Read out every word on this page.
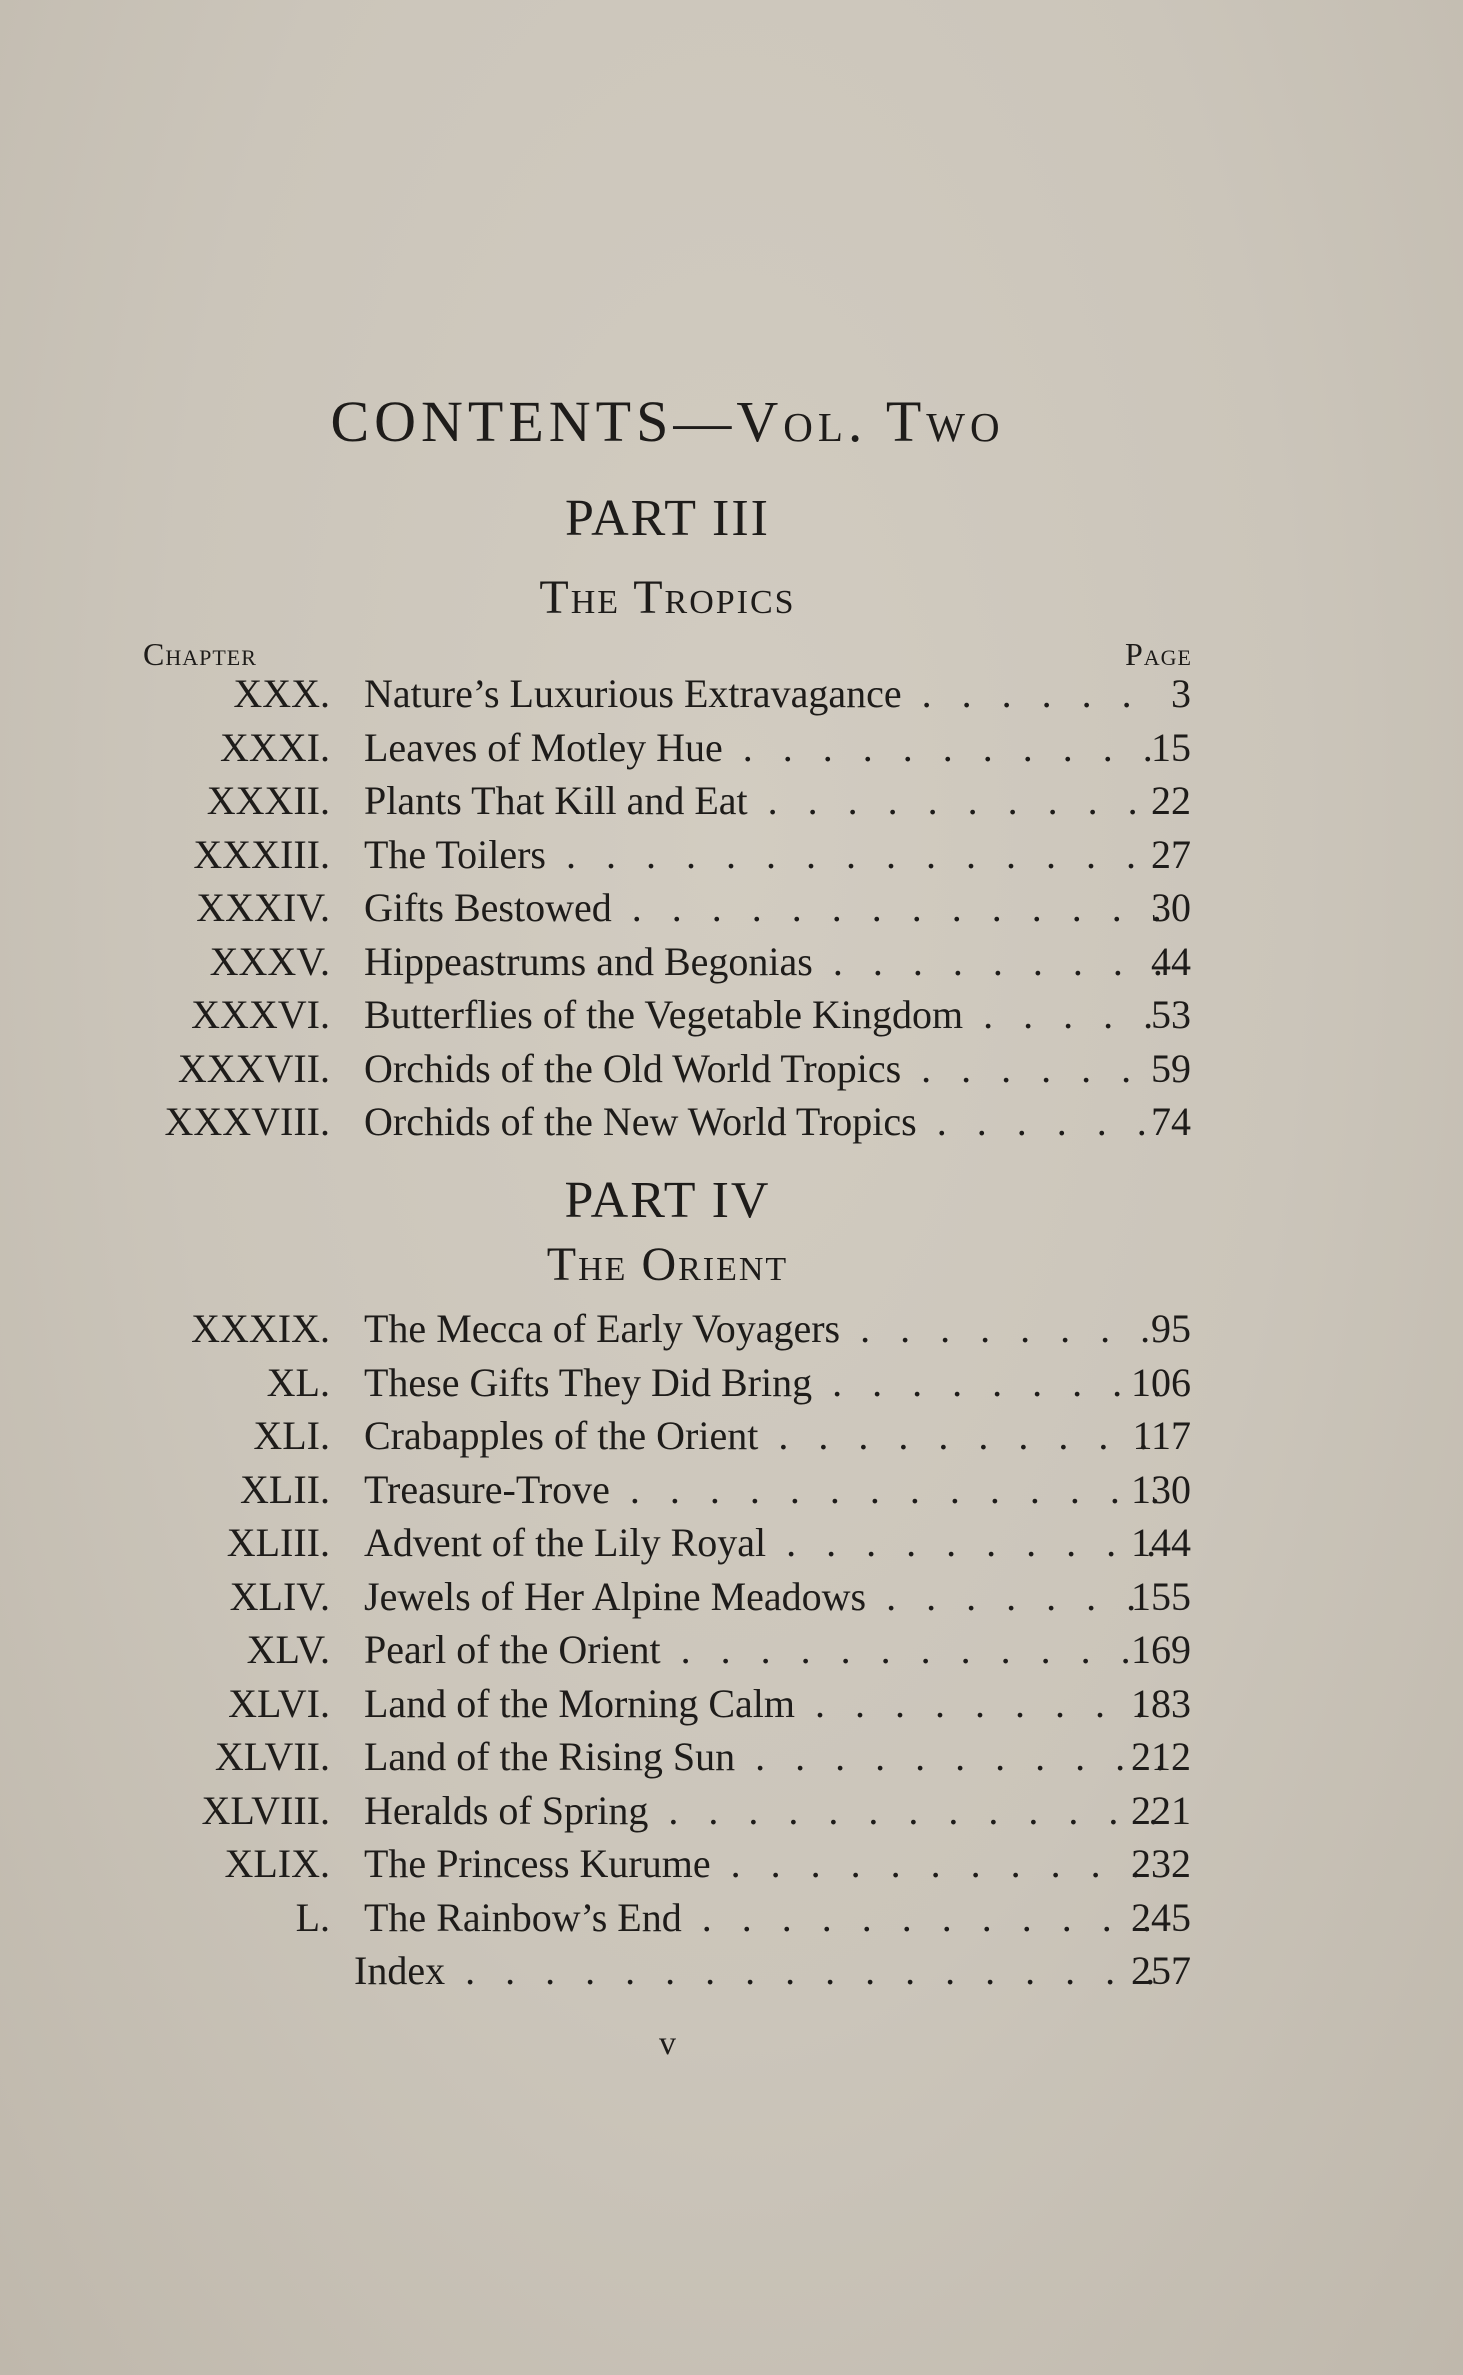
CONTENTS—Vol. Two
PART III
The Tropics
Chapter	Page
XXX. Nature’s Luxurious Extravagance . .	3
XXXI. Leaves of Motley Hue . .	15
XXXII. Plants That Kill and Eat . .	22
XXXIII. The Toilers . .	27
XXXIV. Gifts Bestowed . .	30
XXXV. Hippeastrums and Begonias . .	44
XXXVI. Butterflies of the Vegetable Kingdom . .	53
XXXVII. Orchids of the Old World Tropics . .	59
XXXVIII. Orchids of the New World Tropics . .	74
PART IV
The Orient
XXXIX. The Mecca of Early Voyagers . .	95
XL. These Gifts They Did Bring . .	106
XLI. Crabapples of the Orient . .	117
XLII. Treasure-Trove . .	130
XLIII. Advent of the Lily Royal . .	144
XLIV. Jewels of Her Alpine Meadows . .	155
XLV. Pearl of the Orient . .	169
XLVI. Land of the Morning Calm . .	183
XLVII. Land of the Rising Sun . .	212
XLVIII. Heralds of Spring . .	221
XLIX. The Princess Kurume . .	232
L. The Rainbow’s End . .	245
Index . .	257
v
